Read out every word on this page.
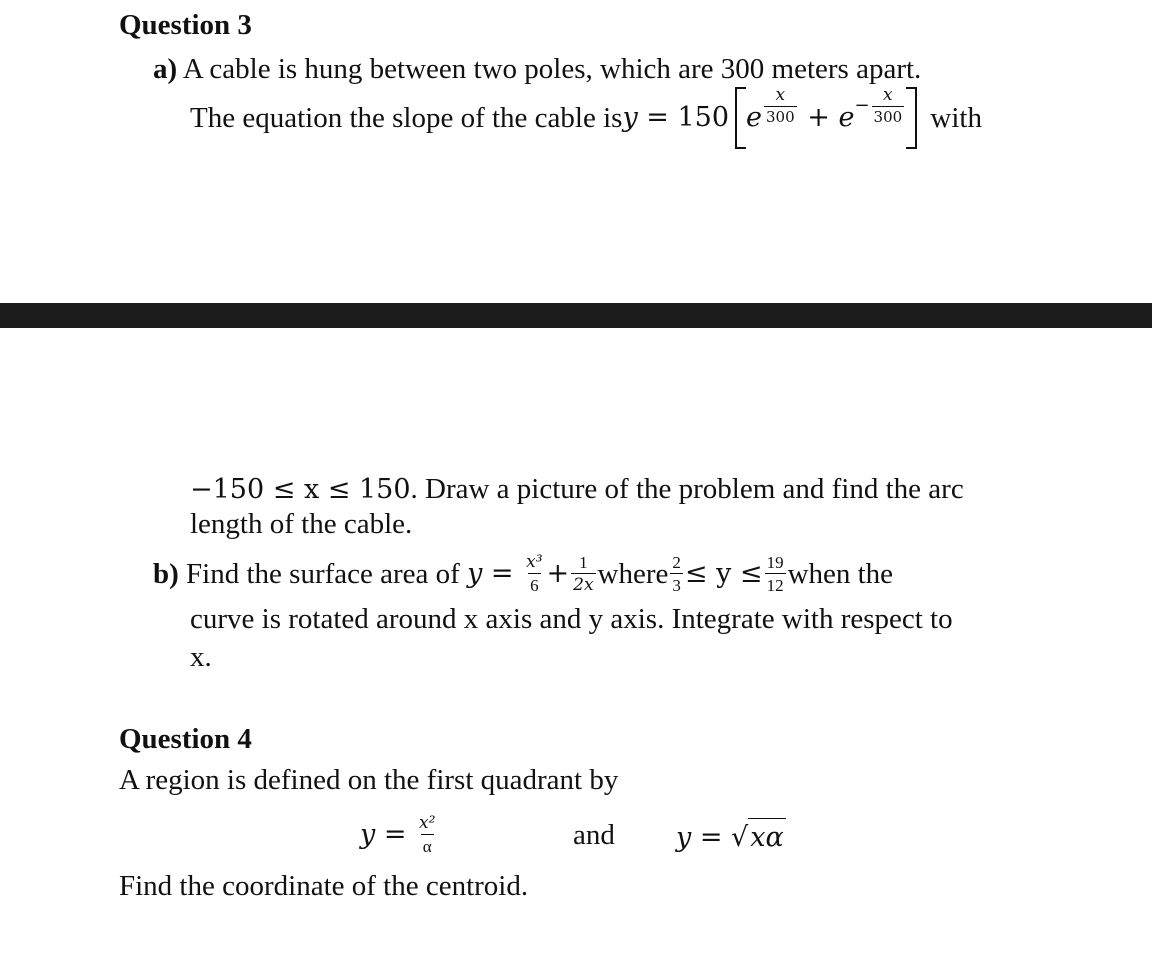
Question 3
a) A cable is hung between two poles, which are 300 meters apart.
The equation the slope of the cable is y = 150 e $\frac{x}{300} + e - \frac{x}{300}$ with
−150 ≤ x ≤ 150. Draw a picture of the problem and find the arc
length of the cable.
b) Find the surface area of $y = \frac{\text{x³}}{6} + \frac{1}{2x}$ where $\frac{2}{3} \le y \le \frac{19}{12}$ when the
curve is rotated around x axis and y axis. Integrate with respect to
x.
Question 4
A region is defined on the first quadrant by
$y = \frac{\text{x²}}{\alpha}$	and y = √xα
Find the coordinate of the centroid.
